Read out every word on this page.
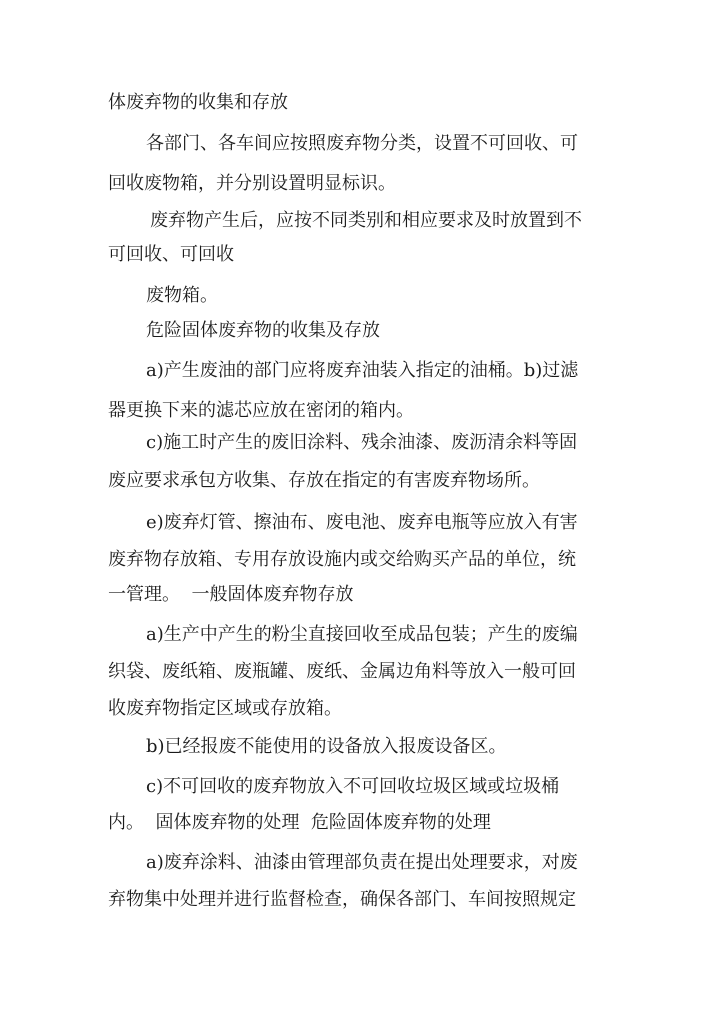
体废弃物的收集和存放
各部门、各车间应按照废弃物分类，设置不可回收、可
回收废物箱，并分别设置明显标识。
废弃物产生后，应按不同类别和相应要求及时放置到不
可回收、可回收
废物箱。
危险固体废弃物的收集及存放
a)产生废油的部门应将废弃油装入指定的油桶。b)过滤
器更换下来的滤芯应放在密闭的箱内。
c)施工时产生的废旧涂料、残余油漆、废沥清余料等固
废应要求承包方收集、存放在指定的有害废弃物场所。
e)废弃灯管、擦油布、废电池、废弃电瓶等应放入有害
废弃物存放箱、专用存放设施内或交给购买产品的单位，统
一管理。  一般固体废弃物存放
a)生产中产生的粉尘直接回收至成品包装；产生的废编
织袋、废纸箱、废瓶罐、废纸、金属边角料等放入一般可回
收废弃物指定区域或存放箱。
b)已经报废不能使用的设备放入报废设备区。
c)不可回收的废弃物放入不可回收垃圾区域或垃圾桶
内。  固体废弃物的处理  危险固体废弃物的处理
a)废弃涂料、油漆由管理部负责在提出处理要求，对废
弃物集中处理并进行监督检查，确保各部门、车间按照规定
